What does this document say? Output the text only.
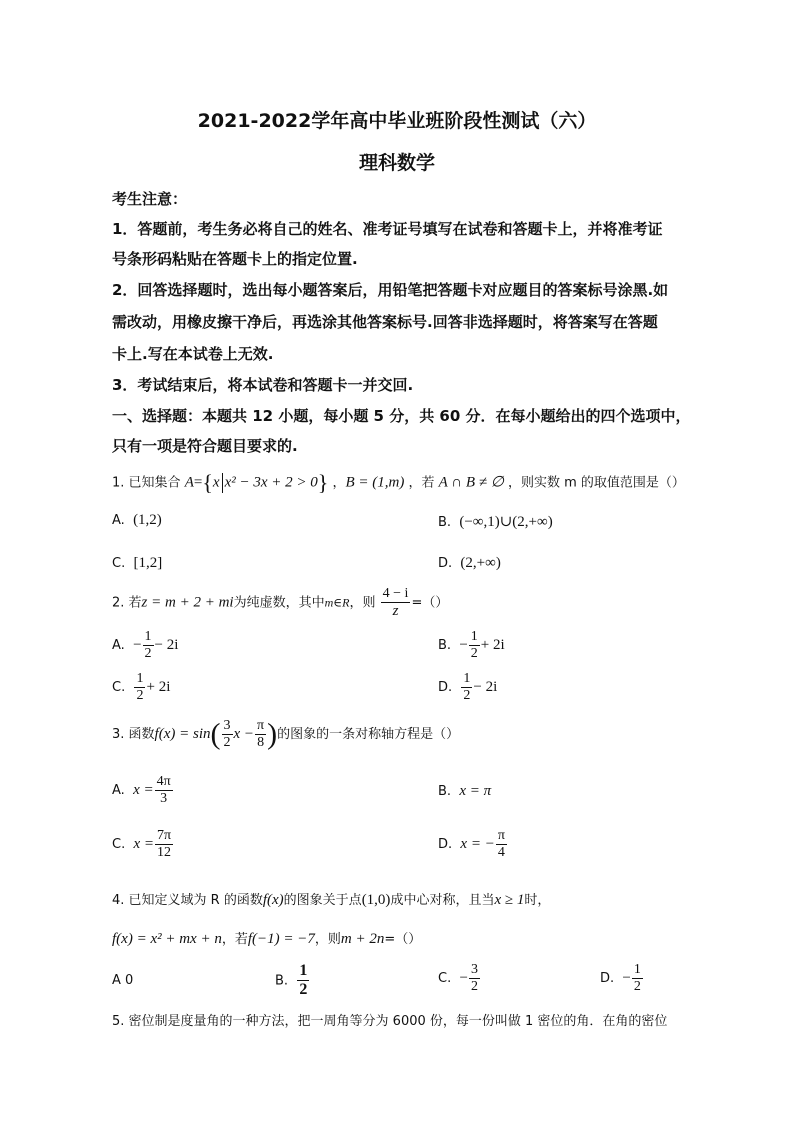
2021-2022学年高中毕业班阶段性测试（六）
理科数学
考生注意：
1．答题前，考生务必将自己的姓名、准考证号填写在试卷和答题卡上，并将准考证
号条形码粘贴在答题卡上的指定位置.
2．回答选择题时，选出每小题答案后，用铅笔把答题卡对应题目的答案标号涂黑.如
需改动，用橡皮擦干净后，再选涂其他答案标号.回答非选择题时，将答案写在答题
卡上.写在本试卷上无效.
3．考试结束后，将本试卷和答题卡一并交回.
一、选择题：本题共 12 小题，每小题 5 分，共 60 分．在每小题给出的四个选项中，
只有一项是符合题目要求的.
1. 已知集合 A={x x² − 3x + 2 > 0} ，B = (1,m) ，若 A ∩ B ≠ ∅ ，则实数 m 的取值范围是（）
A.  (1,2)	B.  (−∞,1)∪(2,+∞)
C.  [1,2]	D.  (2,+∞)
2. 若z = m + 2 + mi为纯虚数，其中m∈R，则 $\frac{4 - i}{z}$ =（）
A.  − $\frac{1}{2} - 2i$	B.  − $\frac{1}{2} + 2i$
C. $\frac{1}{2} + 2i$	D. $\frac{1}{2} - 2i$
3. 函数$f(x) = \sin( \frac{3}{2}$ $x - \frac{\pi}{8}$ )的图象的一条对称轴方程是（）
A.  $x = \frac{4\pi}{3}$	B.  x = π
C.  $x = \frac{7\pi}{12}$	D.  x = − $\frac{\pi}{4}$
4. 已知定义域为 R 的函数f(x)的图象关于点(1,0)成中心对称，且当x ≥ 1时，
f(x) = x² + mx + n，若f(−1) = −7，则m + 2n=（）
A 0	B. $\frac{1}{2}$	C. − $\frac{3}{2}$	D. − $\frac{1}{2}$
5. 密位制是度量角的一种方法，把一周角等分为 6000 份，每一份叫做 1 密位的角．在角的密位
